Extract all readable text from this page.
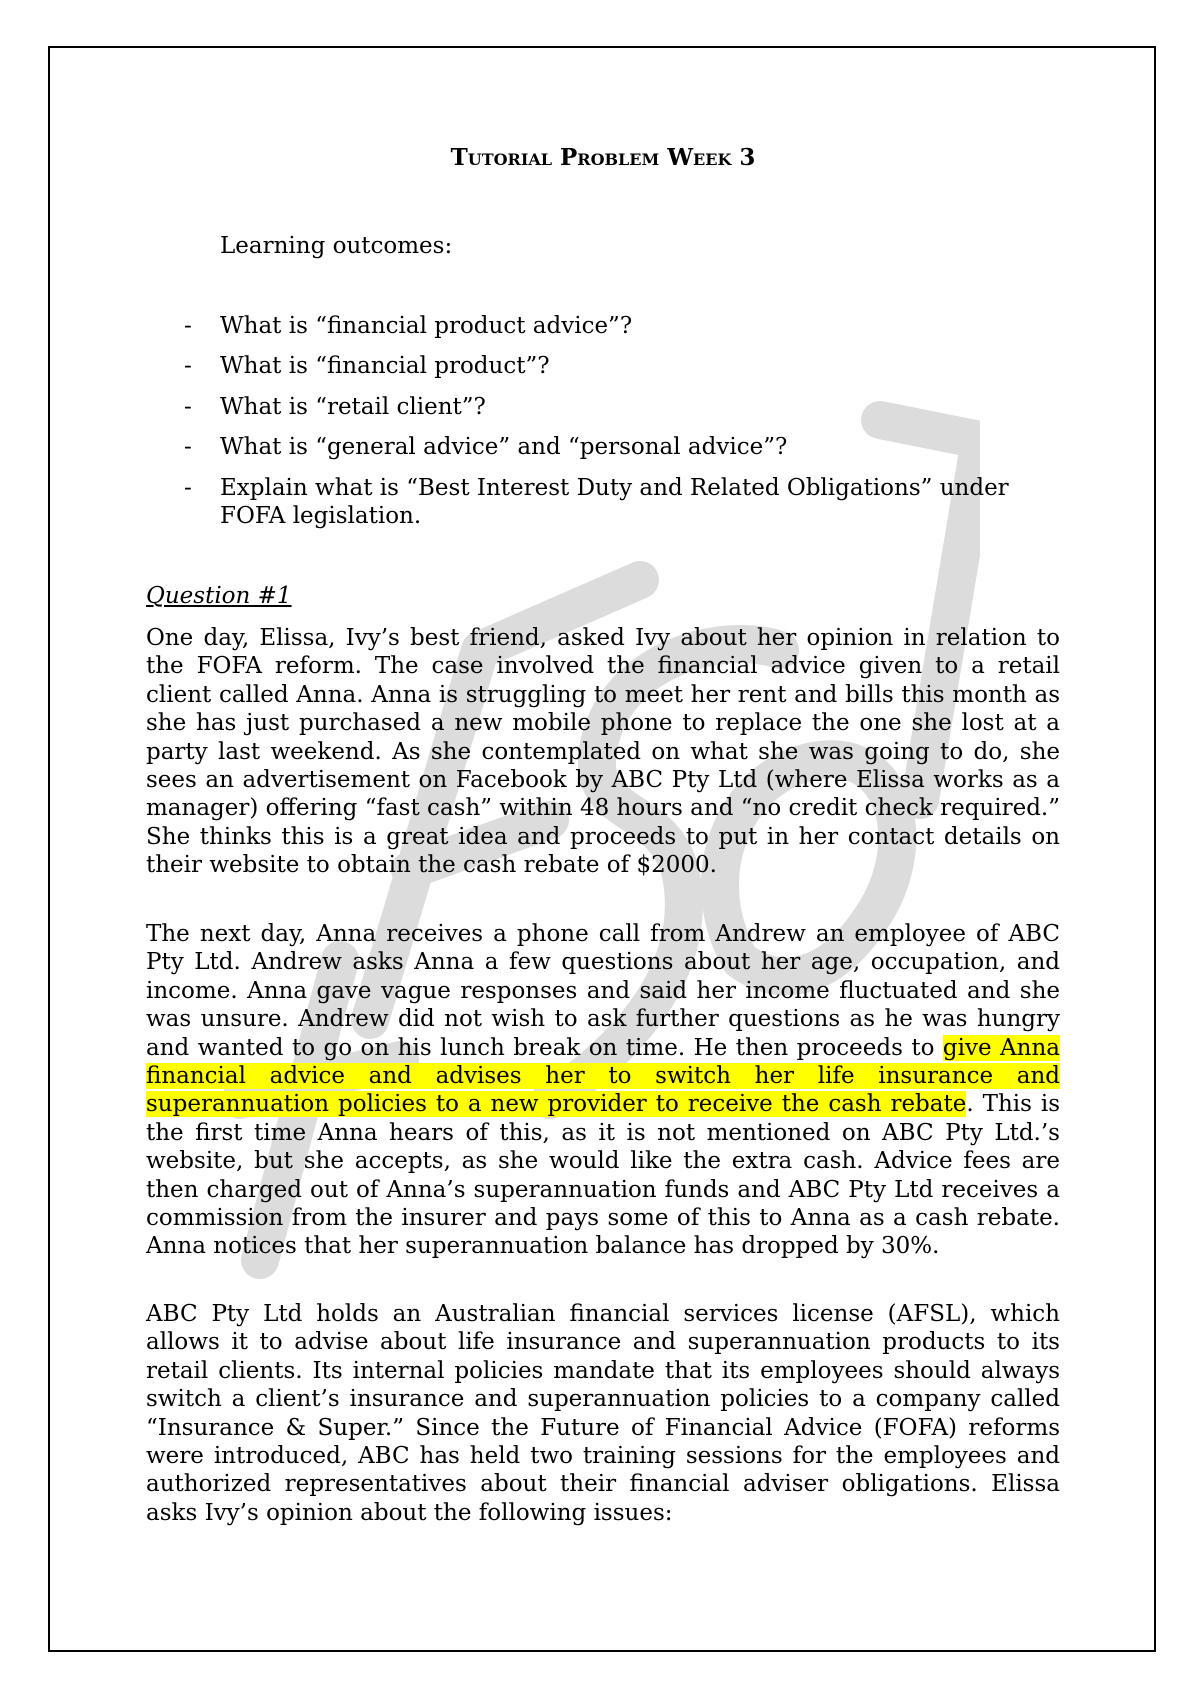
Tutorial Problem Week 3
Learning outcomes:
- What is “financial product advice”?
- What is “financial product”?
- What is “retail client”?
- What is “general advice” and “personal advice”?
- Explain what is “Best Interest Duty and Related Obligations” under FOFA legislation.
Question #1

One day, Elissa, Ivy’s best friend, asked Ivy about her opinion in relation to the FOFA reform. The case involved the financial advice given to a retail client called Anna. Anna is struggling to meet her rent and bills this month as she has just purchased a new mobile phone to replace the one she lost at a party last weekend. As she contemplated on what she was going to do, she sees an advertisement on Facebook by ABC Pty Ltd (where Elissa works as a manager) offering “fast cash” within 48 hours and “no credit check required.” She thinks this is a great idea and proceeds to put in her contact details on their website to obtain the cash rebate of $2000.

The next day, Anna receives a phone call from Andrew an employee of ABC Pty Ltd. Andrew asks Anna a few questions about her age, occupation, and income. Anna gave vague responses and said her income fluctuated and she was unsure. Andrew did not wish to ask further questions as he was hungry and wanted to go on his lunch break on time. He then proceeds to give Anna financial advice and advises her to switch her life insurance and superannuation policies to a new provider to receive the cash rebate. This is the first time Anna hears of this, as it is not mentioned on ABC Pty Ltd.’s website, but she accepts, as she would like the extra cash. Advice fees are then charged out of Anna’s superannuation funds and ABC Pty Ltd receives a commission from the insurer and pays some of this to Anna as a cash rebate. Anna notices that her superannuation balance has dropped by 30%.

ABC Pty Ltd holds an Australian financial services license (AFSL), which allows it to advise about life insurance and superannuation products to its retail clients. Its internal policies mandate that its employees should always switch a client’s insurance and superannuation policies to a company called “Insurance & Super.” Since the Future of Financial Advice (FOFA) reforms were introduced, ABC has held two training sessions for the employees and authorized representatives about their financial adviser obligations. Elissa asks Ivy’s opinion about the following issues:
